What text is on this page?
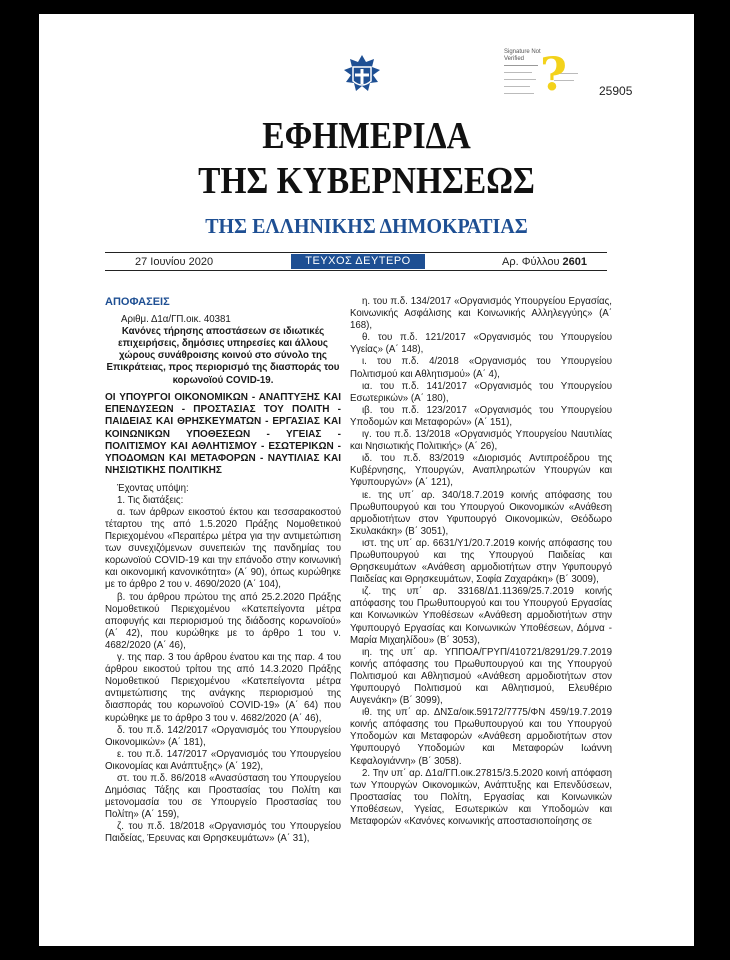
Signature Not
Verified ?	25905
ΕΦΗΜΕΡΙΔΑ
ΤΗΣ ΚΥΒΕΡΝΗΣΕΩΣ
ΤΗΣ ΕΛΛΗΝΙΚΗΣ ΔΗΜΟΚΡΑΤΙΑΣ
27 Ιουνίου 2020	ΤΕΥΧΟΣ ΔΕΥΤΕΡΟ	Αρ. Φύλλου 2601

ΑΠΟΦΑΣΕΙΣ

Αριθμ. Δ1α/ΓΠ.οικ. 40381

Κανόνες τήρησης αποστάσεων σε ιδιωτικές επιχειρήσεις, δημόσιες υπηρεσίες και άλλους χώρους συνάθροισης κοινού στο σύνολο της Επικράτειας, προς περιορισμό της διασποράς του κορωνοϊού COVID-19.

ΟΙ ΥΠΟΥΡΓΟΙ ΟΙΚΟΝΟΜΙΚΩΝ - ΑΝΑΠΤΥΞΗΣ ΚΑΙ ΕΠΕΝΔΥΣΕΩΝ - ΠΡΟΣΤΑΣΙΑΣ ΤΟΥ ΠΟΛΙΤΗ - ΠΑΙΔΕΙΑΣ ΚΑΙ ΘΡΗΣΚΕΥΜΑΤΩΝ - ΕΡΓΑΣΙΑΣ ΚΑΙ ΚΟΙΝΩΝΙΚΩΝ ΥΠΟΘΕΣΕΩΝ - ΥΓΕΙΑΣ - ΠΟΛΙΤΙΣΜΟΥ ΚΑΙ ΑΘΛΗΤΙΣΜΟΥ - ΕΣΩΤΕΡΙΚΩΝ - ΥΠΟΔΟΜΩΝ ΚΑΙ ΜΕΤΑΦΟΡΩΝ - ΝΑΥΤΙΛΙΑΣ ΚΑΙ ΝΗΣΙΩΤΙΚΗΣ ΠΟΛΙΤΙΚΗΣ

Έχοντας υπόψη:

1. Τις διατάξεις:

α. των άρθρων εικοστού έκτου και τεσσαρακοστού τέταρτου της από 1.5.2020 Πράξης Νομοθετικού Περιεχομένου «Περαιτέρω μέτρα για την αντιμετώπιση των συνεχιζόμενων συνεπειών της πανδημίας του κορωνοϊού COVID-19 και την επάνοδο στην κοινωνική και οικονομική κανονικότητα» (Α΄ 90), όπως κυρώθηκε με το άρθρο 2 του ν. 4690/2020 (Α΄ 104),

β. του άρθρου πρώτου της από 25.2.2020 Πράξης Νομοθετικού Περιεχομένου «Κατεπείγοντα μέτρα αποφυγής και περιορισμού της διάδοσης κορωνοϊού» (Α΄ 42), που κυρώθηκε με το άρθρο 1 του ν. 4682/2020 (Α΄ 46),

γ. της παρ. 3 του άρθρου ένατου και της παρ. 4 του άρθρου εικοστού τρίτου της από 14.3.2020 Πράξης Νομοθετικού Περιεχομένου «Κατεπείγοντα μέτρα αντιμετώπισης της ανάγκης περιορισμού της διασποράς του κορωνοϊού COVID-19» (Α΄ 64) που κυρώθηκε με το άρθρο 3 του ν. 4682/2020 (Α΄ 46),

δ. του π.δ. 142/2017 «Οργανισμός του Υπουργείου Οικονομικών» (Α΄ 181),

ε. του π.δ. 147/2017 «Οργανισμός του Υπουργείου Οικονομίας και Ανάπτυξης» (Α΄ 192),

στ. του π.δ. 86/2018 «Ανασύσταση του Υπουργείου Δημόσιας Τάξης και Προστασίας του Πολίτη και μετονομασία του σε Υπουργείο Προστασίας του Πολίτη» (Α΄ 159),

ζ. του π.δ. 18/2018 «Οργανισμός του Υπουργείου Παιδείας, Έρευνας και Θρησκευμάτων» (Α΄ 31),

η. του π.δ. 134/2017 «Οργανισμός Υπουργείου Εργασίας, Κοινωνικής Ασφάλισης και Κοινωνικής Αλληλεγγύης» (Α΄ 168),

θ. του π.δ. 121/2017 «Οργανισμός του Υπουργείου Υγείας» (Α΄ 148),

ι. του π.δ. 4/2018 «Οργανισμός του Υπουργείου Πολιτισμού και Αθλητισμού» (Α΄ 4),

ια. του π.δ. 141/2017 «Οργανισμός του Υπουργείου Εσωτερικών» (Α΄ 180),

ιβ. του π.δ. 123/2017 «Οργανισμός του Υπουργείου Υποδομών και Μεταφορών» (Α΄ 151),

ιγ. του π.δ. 13/2018 «Οργανισμός Υπουργείου Ναυτιλίας και Νησιωτικής Πολιτικής» (Α΄ 26),

ιδ. του π.δ. 83/2019 «Διορισμός Αντιπροέδρου της Κυβέρνησης, Υπουργών, Αναπληρωτών Υπουργών και Υφυπουργών» (Α΄ 121),

ιε. της υπ΄ αρ. 340/18.7.2019 κοινής απόφασης του Πρωθυπουργού και του Υπουργού Οικονομικών «Ανάθεση αρμοδιοτήτων στον Υφυπουργό Οικονομικών, Θεόδωρο Σκυλακάκη» (Β΄ 3051),

ιστ. της υπ΄ αρ. 6631/Υ1/20.7.2019 κοινής απόφασης του Πρωθυπουργού και της Υπουργού Παιδείας και Θρησκευμάτων «Ανάθεση αρμοδιοτήτων στην Υφυπουργό Παιδείας και Θρησκευμάτων, Σοφία Ζαχαράκη» (Β΄ 3009),

ιζ. της υπ΄ αρ. 33168/Δ1.11369/25.7.2019 κοινής απόφασης του Πρωθυπουργού και του Υπουργού Εργασίας και Κοινωνικών Υποθέσεων «Ανάθεση αρμοδιοτήτων στην Υφυπουργό Εργασίας και Κοινωνικών Υποθέσεων, Δόμνα - Μαρία Μιχαηλίδου» (Β΄ 3053),

ιη. της υπ΄ αρ. ΥΠΠΟΑ/ΓΡΥΠ/410721/8291/29.7.2019 κοινής απόφασης του Πρωθυπουργού και της Υπουργού Πολιτισμού και Αθλητισμού «Ανάθεση αρμοδιοτήτων στον Υφυπουργό Πολιτισμού και Αθλητισμού, Ελευθέριο Αυγενάκη» (Β΄ 3099),

ιθ. της υπ΄ αρ. ΔΝΣα/οικ.59172/7775/ΦΝ 459/19.7.2019 κοινής απόφασης του Πρωθυπουργού και του Υπουργού Υποδομών και Μεταφορών «Ανάθεση αρμοδιοτήτων στον Υφυπουργό Υποδομών και Μεταφορών Ιωάννη Κεφαλογιάννη» (Β΄ 3058).

2. Την υπ΄ αρ. Δ1α/ΓΠ.οικ.27815/3.5.2020 κοινή απόφαση των Υπουργών Οικονομικών, Ανάπτυξης και Επενδύσεων, Προστασίας του Πολίτη, Εργασίας και Κοινωνικών Υποθέσεων, Υγείας, Εσωτερικών και Υποδομών και Μεταφορών «Κανόνες κοινωνικής αποστασιοποίησης σε
